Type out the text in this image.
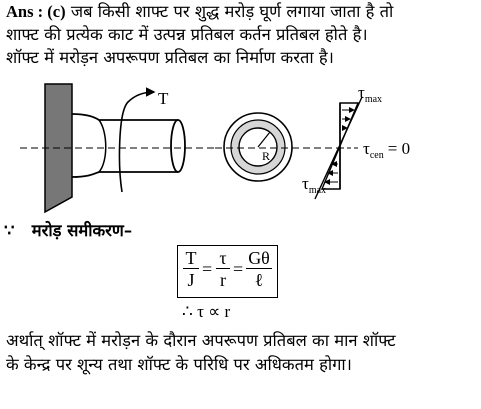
Ans : (c) जब किसी शाफ्ट पर शुद्ध मरोड़ घूर्ण लगाया जाता है तो
शाफ्ट की प्रत्येक काट में उत्पन्न प्रतिबल कर्तन प्रतिबल होते है।
शॉफ्ट में मरोड़न अपरूपण प्रतिबल का निर्माण करता है।
T
R
$\tau_{max}$
$\tau_{cen} = 0$
$\tau_{max}$
∵ मरोड़ समीकरण–
T
J
=
τ
r
=
Gθ
ℓ
∴ τ ∝ r
अर्थात् शॉफ्ट में मरोड़न के दौरान अपरूपण प्रतिबल का मान शॉफ्ट
के केन्द्र पर शून्य तथा शॉफ्ट के परिधि पर अधिकतम होगा।
